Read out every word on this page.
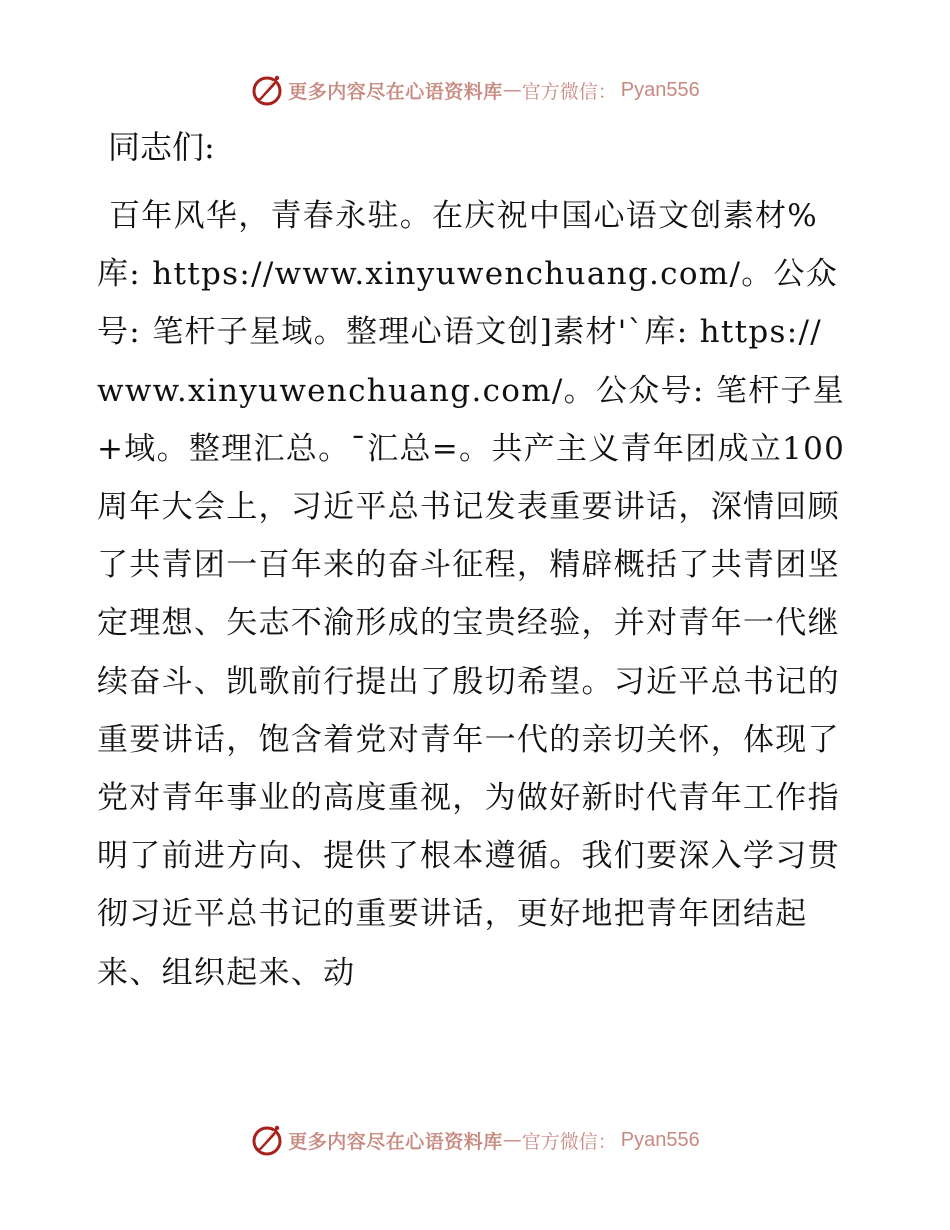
更多内容尽在心语资料库 — 官方微信： Pyan556

同志们:

百年风华，青春永驻。在庆祝中国心语文创素材%库: https://www.xinyuwenchuang.com/。公众号: 笔杆子星域。整理心语文创]素材'`库: https://www.xinyuwenchuang.com/。公众号: 笔杆子星+域。整理汇总。¯汇总=。共产主义青年团成立100周年大会上，习近平总书记发表重要讲话，深情回顾了共青团一百年来的奋斗征程，精辟概括了共青团坚定理想、矢志不渝形成的宝贵经验，并对青年一代继续奋斗、凯歌前行提出了殷切希望。习近平总书记的重要讲话，饱含着党对青年一代的亲切关怀，体现了党对青年事业的高度重视，为做好新时代青年工作指明了前进方向、提供了根本遵循。我们要深入学习贯彻习近平总书记的重要讲话，更好地把青年团结起来、组织起来、动

更多内容尽在心语资料库 — 官方微信： Pyan556
